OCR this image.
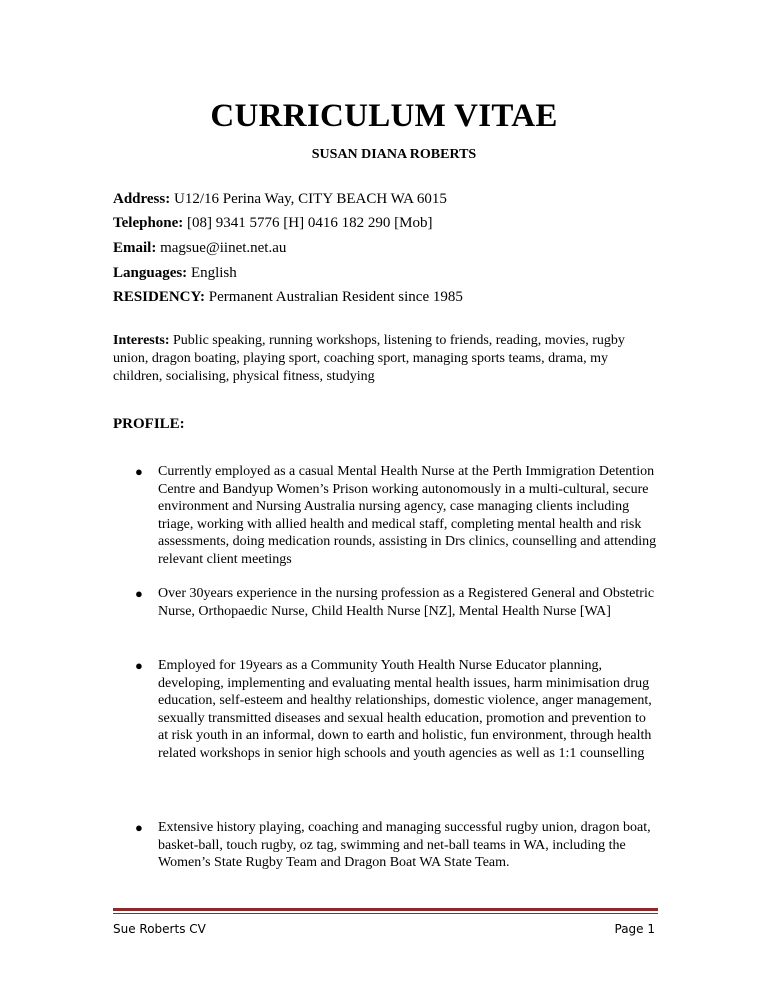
CURRICULUM VITAE
SUSAN DIANA ROBERTS
Address: U12/16 Perina Way, CITY BEACH WA 6015
Telephone: [08] 9341 5776 [H] 0416 182 290 [Mob]
Email: magsue@iinet.net.au
Languages: English
RESIDENCY: Permanent Australian Resident since 1985
Interests: Public speaking, running workshops, listening to friends, reading, movies, rugby union, dragon boating, playing sport, coaching sport, managing sports teams, drama, my children, socialising, physical fitness, studying
PROFILE:
● Currently employed as a casual Mental Health Nurse at the Perth Immigration Detention Centre and Bandyup Women’s Prison working autonomously in a multi-cultural, secure environment and Nursing Australia nursing agency, case managing clients including triage, working with allied health and medical staff, completing mental health and risk assessments, doing medication rounds, assisting in Drs clinics, counselling and attending relevant client meetings
● Over 30years experience in the nursing profession as a Registered General and Obstetric Nurse, Orthopaedic Nurse, Child Health Nurse [NZ], Mental Health Nurse [WA]
● Employed for 19years as a Community Youth Health Nurse Educator planning, developing, implementing and evaluating mental health issues, harm minimisation drug education, self-esteem and healthy relationships, domestic violence, anger management, sexually transmitted diseases and sexual health education, promotion and prevention to at risk youth in an informal, down to earth and holistic, fun environment, through health related workshops in senior high schools and youth agencies as well as 1:1 counselling
● Extensive history playing, coaching and managing successful rugby union, dragon boat, basket-ball, touch rugby, oz tag, swimming and net-ball teams in WA, including the Women’s State Rugby Team and Dragon Boat WA State Team.
Sue Roberts CV	Page 1
